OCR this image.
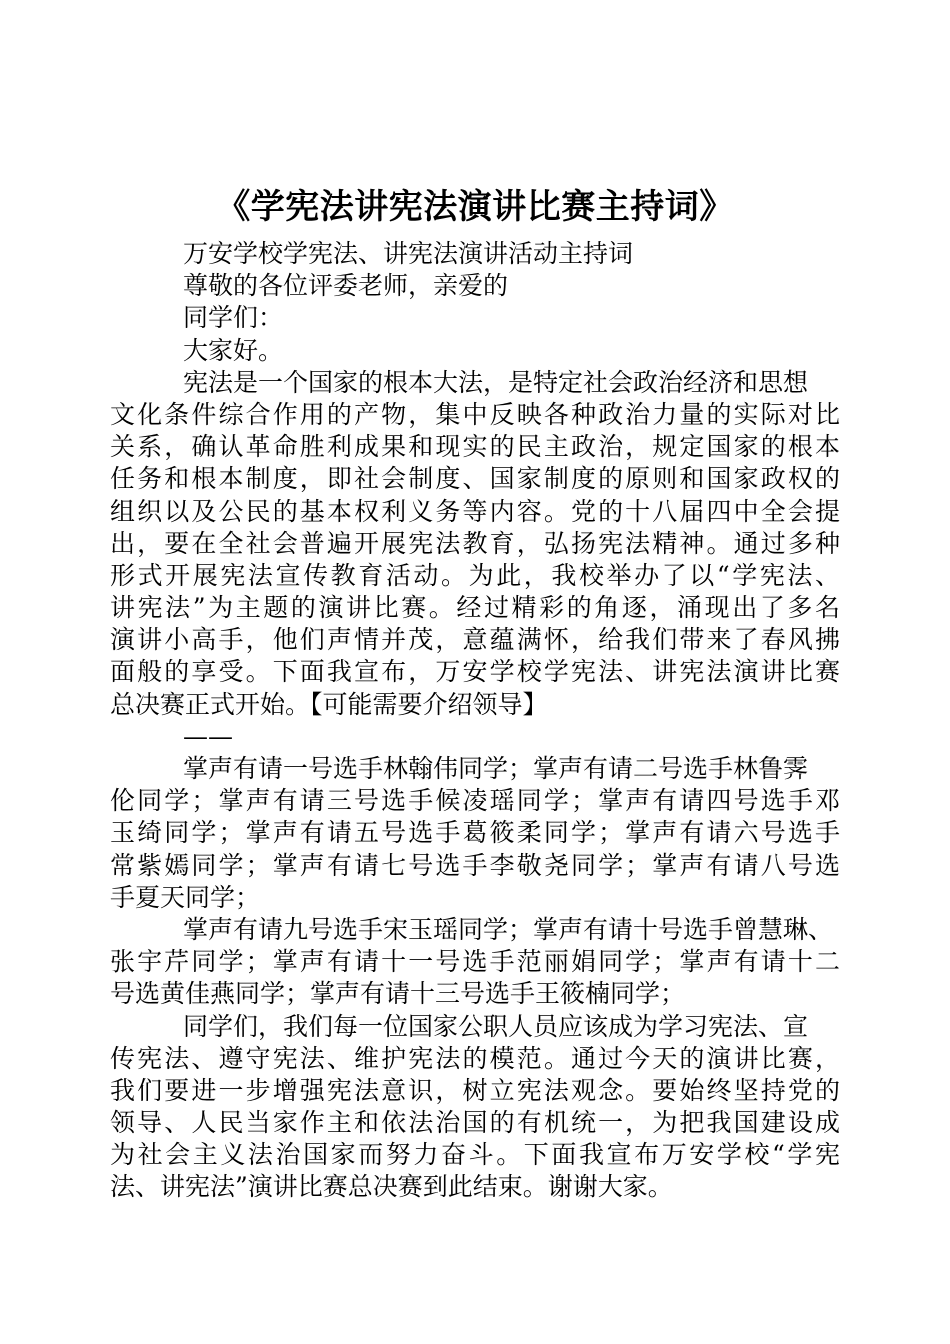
《学宪法讲宪法演讲比赛主持词》
万安学校学宪法、讲宪法演讲活动主持词
尊敬的各位评委老师，亲爱的
同学们：
大家好。
宪法是一个国家的根本大法，是特定社会政治经济和思想
文化条件综合作用的产物，集中反映各种政治力量的实际对比
关系，确认革命胜利成果和现实的民主政治，规定国家的根本
任务和根本制度，即社会制度、国家制度的原则和国家政权的
组织以及公民的基本权利义务等内容。党的十八届四中全会提
出，要在全社会普遍开展宪法教育，弘扬宪法精神。通过多种
形式开展宪法宣传教育活动。为此，我校举办了以“学宪法、
讲宪法”为主题的演讲比赛。经过精彩的角逐，涌现出了多名
演讲小高手，他们声情并茂，意蕴满怀，给我们带来了春风拂
面般的享受。下面我宣布，万安学校学宪法、讲宪法演讲比赛
总决赛正式开始。【可能需要介绍领导】
——
掌声有请一号选手林翰伟同学；掌声有请二号选手林鲁霁
伦同学；掌声有请三号选手候凌瑶同学；掌声有请四号选手邓
玉绮同学；掌声有请五号选手葛筱柔同学；掌声有请六号选手
常紫嫣同学；掌声有请七号选手李敬尧同学；掌声有请八号选
手夏天同学；
掌声有请九号选手宋玉瑶同学；掌声有请十号选手曾慧琳、
张宇芹同学；掌声有请十一号选手范丽娟同学；掌声有请十二
号选黄佳燕同学；掌声有请十三号选手王筱楠同学；
同学们，我们每一位国家公职人员应该成为学习宪法、宣
传宪法、遵守宪法、维护宪法的模范。通过今天的演讲比赛，
我们要进一步增强宪法意识，树立宪法观念。要始终坚持党的
领导、人民当家作主和依法治国的有机统一，为把我国建设成
为社会主义法治国家而努力奋斗。下面我宣布万安学校“学宪
法、讲宪法”演讲比赛总决赛到此结束。谢谢大家。
